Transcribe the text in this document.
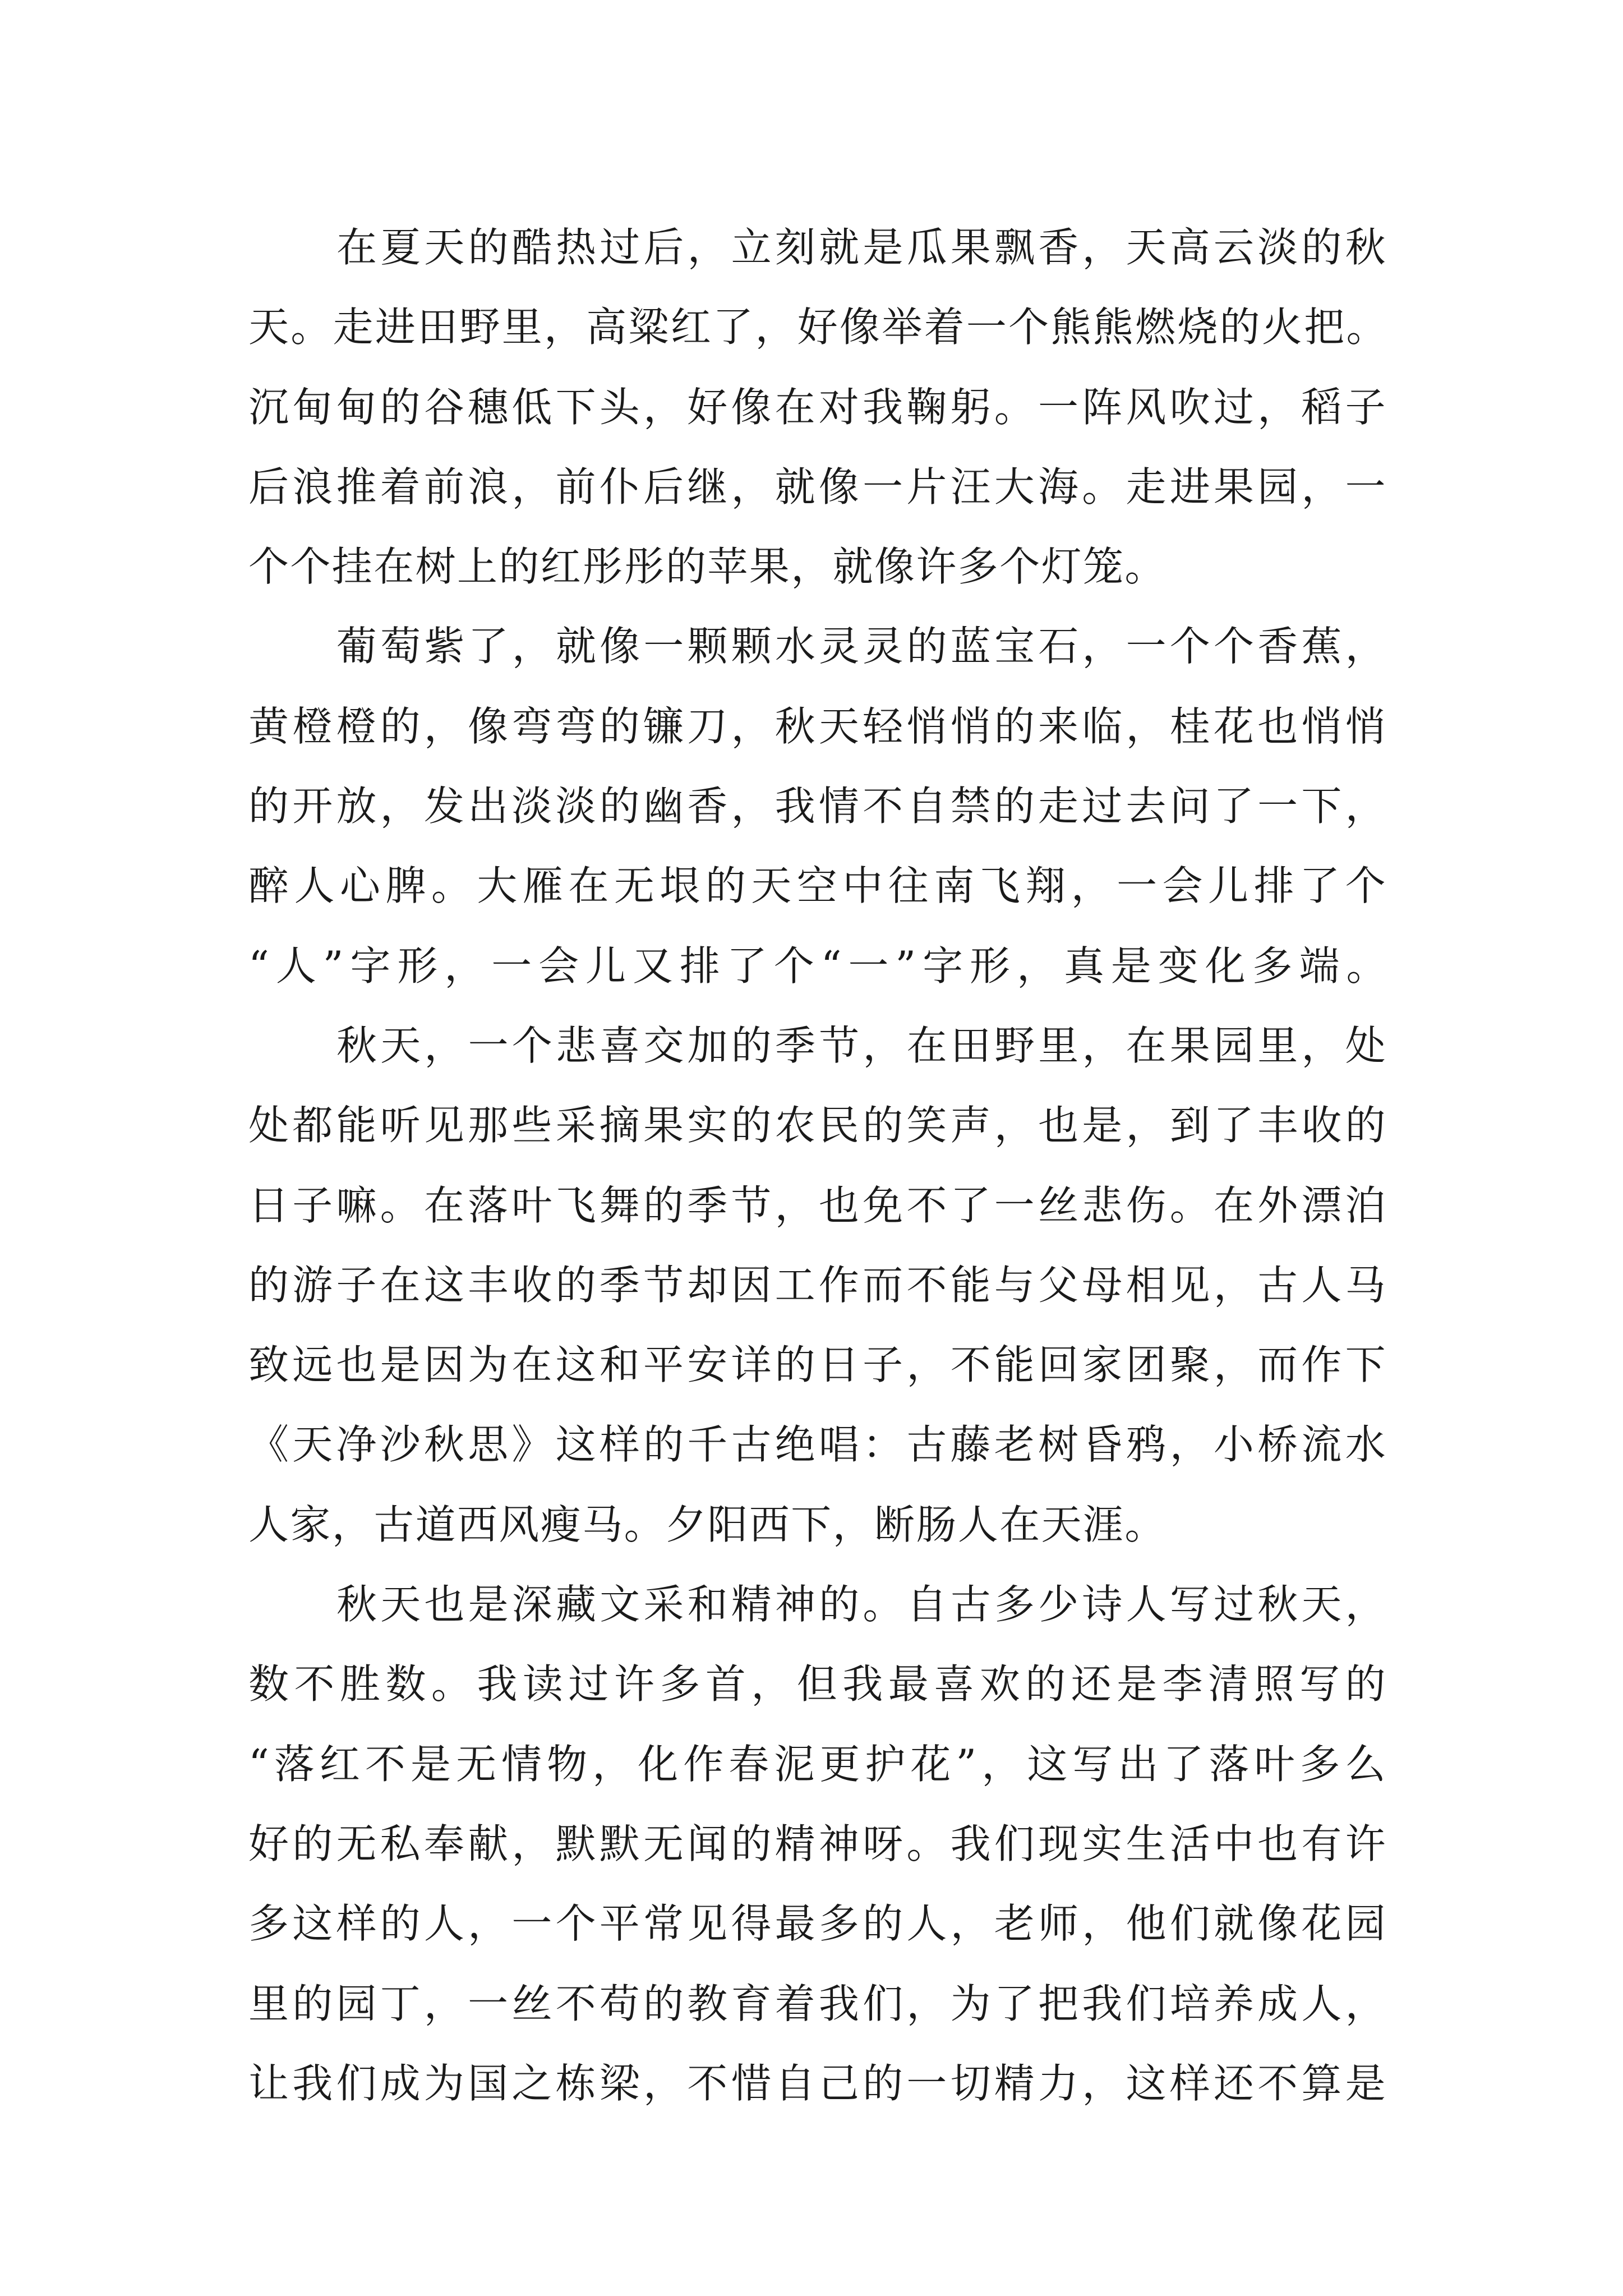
在夏天的酷热过后，立刻就是瓜果飘香，天高云淡的秋
天。走进田野里，高粱红了，好像举着一个熊熊燃烧的火把。
沉甸甸的谷穗低下头，好像在对我鞠躬。一阵风吹过，稻子
后浪推着前浪，前仆后继，就像一片汪大海。走进果园，一
个个挂在树上的红彤彤的苹果，就像许多个灯笼。
葡萄紫了，就像一颗颗水灵灵的蓝宝石，一个个香蕉，
黄橙橙的，像弯弯的镰刀，秋天轻悄悄的来临，桂花也悄悄
的开放，发出淡淡的幽香，我情不自禁的走过去问了一下，
醉人心脾。大雁在无垠的天空中往南飞翔，一会儿排了个
“人”字形，一会儿又排了个“一”字形，真是变化多端。
秋天，一个悲喜交加的季节，在田野里，在果园里，处
处都能听见那些采摘果实的农民的笑声，也是，到了丰收的
日子嘛。在落叶飞舞的季节，也免不了一丝悲伤。在外漂泊
的游子在这丰收的季节却因工作而不能与父母相见，古人马
致远也是因为在这和平安详的日子，不能回家团聚，而作下
《天净沙秋思》这样的千古绝唱：古藤老树昏鸦，小桥流水
人家，古道西风瘦马。夕阳西下，断肠人在天涯。
秋天也是深藏文采和精神的。自古多少诗人写过秋天，
数不胜数。我读过许多首，但我最喜欢的还是李清照写的
“落红不是无情物，化作春泥更护花”，这写出了落叶多么
好的无私奉献，默默无闻的精神呀。我们现实生活中也有许
多这样的人，一个平常见得最多的人，老师，他们就像花园
里的园丁，一丝不苟的教育着我们，为了把我们培养成人，
让我们成为国之栋梁，不惜自己的一切精力，这样还不算是
